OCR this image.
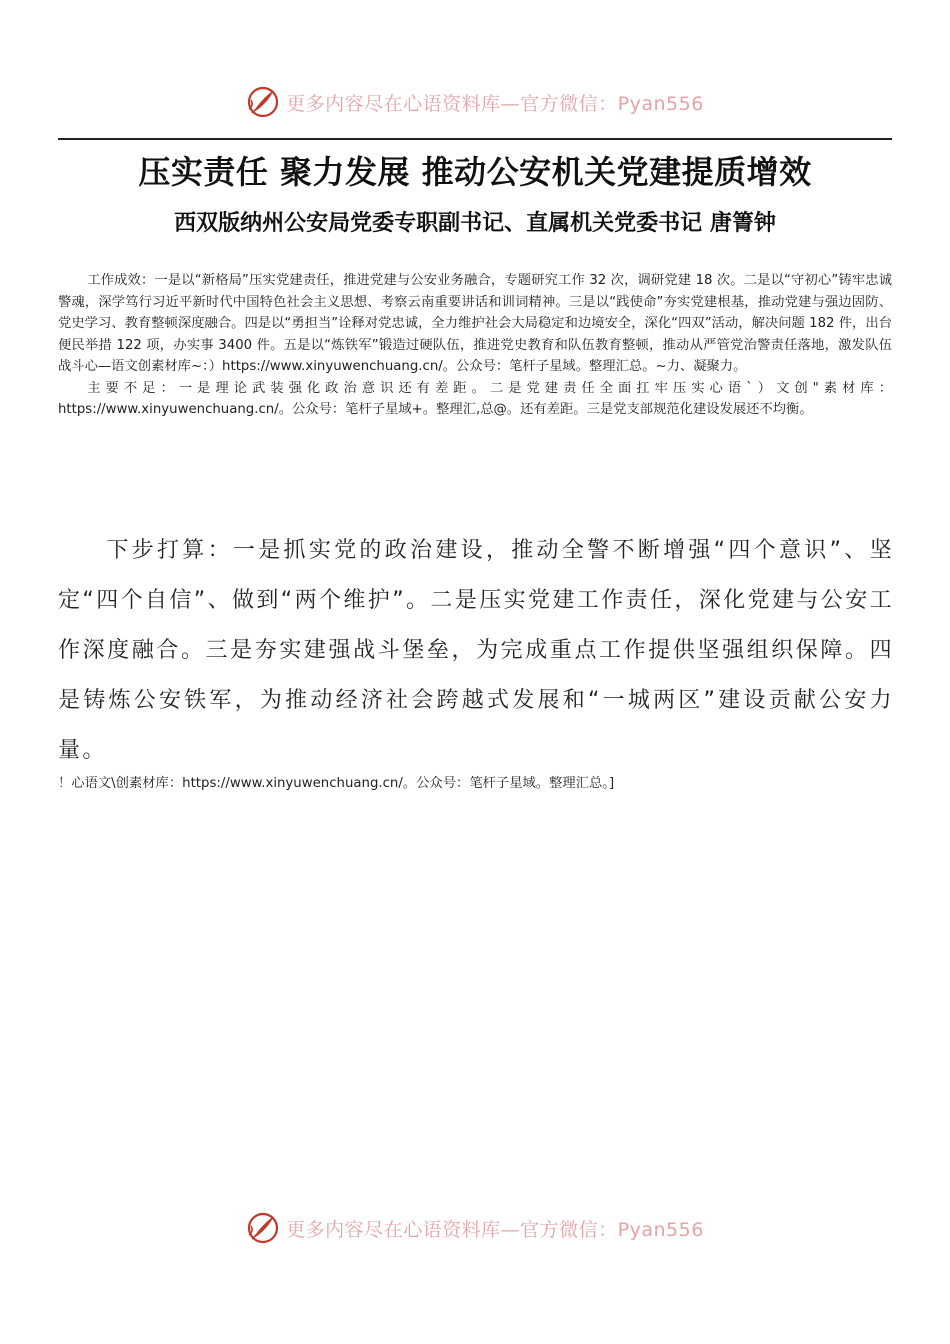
更多内容尽在心语资料库—官方微信：Pyan556
压实责任 聚力发展 推动公安机关党建提质增效
西双版纳州公安局党委专职副书记、直属机关党委书记 唐箐钟

工作成效：一是以“新格局”压实党建责任，推进党建与公安业务融合，专题研究工作 32 次，调研党建 18 次。二是以“守初心”铸牢忠诚警魂，深学笃行习近平新时代中国特色社会主义思想、考察云南重要讲话和训词精神。三是以“践使命”夯实党建根基，推动党建与强边固防、党史学习、教育整顿深度融合。四是以“勇担当”诠释对党忠诚，全力维护社会大局稳定和边境安全，深化“四双”活动，解决问题 182 件，出台便民举措 122 项，办实事 3400 件。五是以“炼铁军”锻造过硬队伍，推进党史教育和队伍教育整顿，推动从严管党治警责任落地，激发队伍战斗心—语文创素材库~：）https://www.xinyuwenchuang.cn/。公众号：笔杆子星域。整理汇总。~力、凝聚力。

主要不足：一是理论武装强化政治意识还有差距。二是党建责任全面扛牢压实心语`）文创"素材库：https://www.xinyuwenchuang.cn/。公众号：笔杆子星域+。整理汇,总@。还有差距。三是党支部规范化建设发展还不均衡。

下步打算：一是抓实党的政治建设，推动全警不断增强“四个意识”、坚定“四个自信”、做到“两个维护”。二是压实党建工作责任，深化党建与公安工作深度融合。三是夯实建强战斗堡垒，为完成重点工作提供坚强组织保障。四是铸炼公安铁军，为推动经济社会跨越式发展和“一城两区”建设贡献公安力量。

！心语文\创素材库：https://www.xinyuwenchuang.cn/。公众号：笔杆子星域。整理汇总。]
更多内容尽在心语资料库—官方微信：Pyan556
